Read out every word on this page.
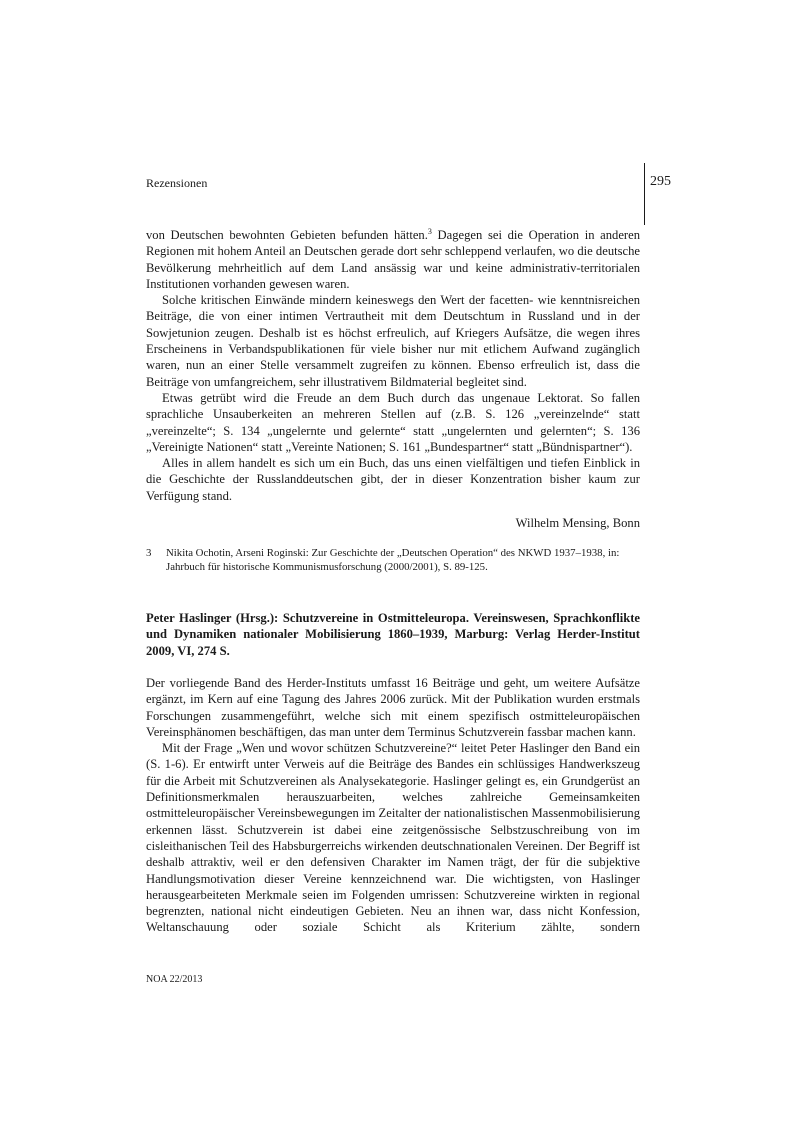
Rezensionen	295

von Deutschen bewohnten Gebieten befunden hätten.$^3$ Dagegen sei die Operation in anderen Regionen mit hohem Anteil an Deutschen gerade dort sehr schleppend verlaufen, wo die deutsche Bevölkerung mehrheitlich auf dem Land ansässig war und keine administrativ-territorialen Institutionen vorhanden gewesen waren.

Solche kritischen Einwände mindern keineswegs den Wert der facetten- wie kenntnisreichen Beiträge, die von einer intimen Vertrautheit mit dem Deutschtum in Russland und in der Sowjetunion zeugen. Deshalb ist es höchst erfreulich, auf Kriegers Aufsätze, die wegen ihres Erscheinens in Verbandspublikationen für viele bisher nur mit etlichem Aufwand zugänglich waren, nun an einer Stelle versammelt zugreifen zu können. Ebenso erfreulich ist, dass die Beiträge von umfangreichem, sehr illustrativem Bildmaterial begleitet sind.

Etwas getrübt wird die Freude an dem Buch durch das ungenaue Lektorat. So fallen sprachliche Unsauberkeiten an mehreren Stellen auf (z.B. S. 126 „vereinzelnde“ statt „vereinzelte“; S. 134 „ungelernte und gelernte“ statt „ungelernten und gelernten“; S. 136 „Vereinigte Nationen“ statt „Vereinte Nationen; S. 161 „Bundespartner“ statt „Bündnispartner“).

Alles in allem handelt es sich um ein Buch, das uns einen vielfältigen und tiefen Einblick in die Geschichte der Russlanddeutschen gibt, der in dieser Konzentration bisher kaum zur Verfügung stand.

Wilhelm Mensing, Bonn
3	Nikita Ochotin, Arseni Roginski: Zur Geschichte der „Deutschen Operation“ des NKWD 1937–1938, in: Jahrbuch für historische Kommunismusforschung (2000/2001), S. 89-125.
Peter Haslinger (Hrsg.): Schutzvereine in Ostmitteleuropa. Vereinswesen, Sprachkonflikte und Dynamiken nationaler Mobilisierung 1860–1939, Marburg: Verlag Herder-Institut 2009, VI, 274 S.

Der vorliegende Band des Herder-Instituts umfasst 16 Beiträge und geht, um weitere Aufsätze ergänzt, im Kern auf eine Tagung des Jahres 2006 zurück. Mit der Publikation wurden erstmals Forschungen zusammengeführt, welche sich mit einem spezifisch ostmitteleuropäischen Vereinsphänomen beschäftigen, das man unter dem Terminus Schutzverein fassbar machen kann.

Mit der Frage „Wen und wovor schützen Schutzvereine?“ leitet Peter Haslinger den Band ein (S. 1-6). Er entwirft unter Verweis auf die Beiträge des Bandes ein schlüssiges Handwerkszeug für die Arbeit mit Schutzvereinen als Analysekategorie. Haslinger gelingt es, ein Grundgerüst an Definitionsmerkmalen herauszuarbeiten, welches zahlreiche Gemeinsamkeiten ostmitteleuropäischer Vereinsbewegungen im Zeitalter der nationalistischen Massenmobilisierung erkennen lässt. Schutzverein ist dabei eine zeitgenössische Selbstzuschreibung von im cisleithanischen Teil des Habsburgerreichs wirkenden deutschnationalen Vereinen. Der Begriff ist deshalb attraktiv, weil er den defensiven Charakter im Namen trägt, der für die subjektive Handlungsmotivation dieser Vereine kennzeichnend war. Die wichtigsten, von Haslinger herausgearbeiteten Merkmale seien im Folgenden umrissen: Schutzvereine wirkten in regional begrenzten, national nicht eindeutigen Gebieten. Neu an ihnen war, dass nicht Konfession, Weltanschauung oder soziale Schicht als Kriterium zählte, sondern

NOA 22/2013
